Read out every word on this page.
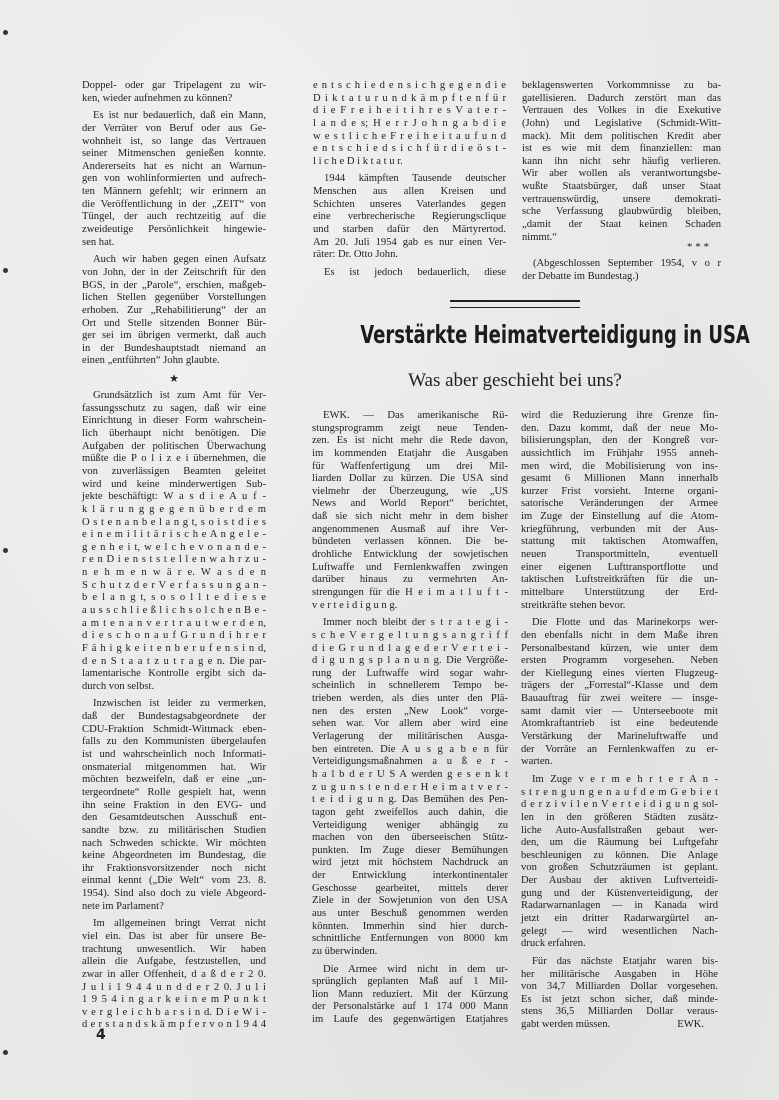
Doppel- oder gar Tripelagent zu wir-
ken, wieder aufnehmen zu können?
Es ist nur bedauerlich, daß ein Mann,
der Verräter von Beruf oder aus Ge-
wohnheit ist, so lange das Vertrauen
seiner Mitmenschen genießen konnte.
Andererseits hat es nicht an Warnun-
gen von wohlinformierten und aufrech-
ten Männern gefehlt; wir erinnern an
die Veröffentlichung in der „ZEIT“ von
Tüngel, der auch rechtzeitig auf die
zweideutige Persönlichkeit hingewie-
sen hat.
Auch wir haben gegen einen Aufsatz
von John, der in der Zeitschrift für den
BGS, in der „Parole“, erschien, maßgeb-
lichen Stellen gegenüber Vorstellungen
erhoben. Zur „Rehabilitierung“ der an
Ort und Stelle sitzenden Bonner Bür-
ger sei im übrigen vermerkt, daß auch
in der Bundeshauptstadt niemand an
einen „entführten“ John glaubte.
★
Grundsätzlich ist zum Amt für Ver-
fassungsschutz zu sagen, daß wir eine
Einrichtung in dieser Form wahrschein-
lich überhaupt nicht benötigen. Die
Aufgaben der politischen Überwachung
müßte die P o l i z e i übernehmen, die
von zuverlässigen Beamten geleitet
wird und keine minderwertigen Sub-
jekte beschäftigt: W a s d i e A u f -
k l ä r u n g g e g e n ü b e r d e m
O s t e n a n b e l a n g t, s o i s t d i e s
e i n e m i l i t ä r i s c h e A n g e l e -
g e n h e i t, w e l c h e v o n a n d e -
r e n D i e n s t s t e l l e n w a h r z u -
n e h m e n w ä r e. W a s d e n
S c h u t z d e r V e r f a s s u n g a n -
b e l a n g t, s o s o l l t e d i e s e
a u s s c h l i e ß l i c h s o l c h e n B e -
a m t e n a n v e r t r a u t w e r d e n,
d i e s c h o n a u f G r u n d i h r e r
F ä h i g k e i t e n b e r u f e n s i n d,
d e n S t a a t z u t r a g e n. Die par-
lamentarische Kontrolle ergibt sich da-
durch von selbst.
Inzwischen ist leider zu vermerken,
daß der Bundestagsabgeordnete der
CDU-Fraktion Schmidt-Wittmack eben-
falls zu den Kommunisten übergelaufen
ist und wahrscheinlich noch Informati-
onsmaterial mitgenommen hat. Wir
möchten bezweifeln, daß er eine „un-
tergeordnete“ Rolle gespielt hat, wenn
ihn seine Fraktion in den EVG- und
den Gesamtdeutschen Ausschuß ent-
sandte bzw. zu militärischen Studien
nach Schweden schickte. Wir möchten
keine Abgeordneten im Bundestag, die
ihr Fraktionsvorsitzender noch nicht
einmal kennt („Die Welt“ vom 23. 8.
1954). Sind also doch zu viele Abgeord-
nete im Parlament?
Im allgemeinen bringt Verrat nicht
viel ein. Das ist aber für unsere Be-
trachtung unwesentlich. Wir haben
allein die Aufgabe, festzustellen, und
zwar in aller Offenheit, d a ß d e r 2 0.
J u l i 1 9 4 4 u n d d e r 2 0. J u l i
1 9 5 4 i n g a r k e i n e m P u n k t
v e r g l e i c h b a r s i n d. D i e W i -
d e r s t a n d s k ä m p f e r v o n 1 9 4 4
e n t s c h i e d e n s i c h g e g e n d i e
D i k t a t u r u n d k ä m p f t e n f ü r
d i e F r e i h e i t i h r e s V a t e r -
l a n d e s; H e r r J o h n g a b d i e
w e s t l i c h e F r e i h e i t a u f u n d
e n t s c h i e d s i c h f ü r d i e ö s t -
l i c h e D i k t a t u r.
1944 kämpften Tausende deutscher
Menschen aus allen Kreisen und
Schichten unseres Vaterlandes gegen
eine verbrecherische Regierungsclique
und starben dafür den Märtyrertod.
Am 20. Juli 1954 gab es nur einen Ver-
räter: Dr. Otto John.
Es ist jedoch bedauerlich, diese
beklagenswerten Vorkommnisse zu ba-
gatellisieren. Dadurch zerstört man das
Vertrauen des Volkes in die Exekutive
(John) und Legislative (Schmidt-Witt-
mack). Mit dem politischen Kredit aber
ist es wie mit dem finanziellen: man
kann ihn nicht sehr häufig verlieren.
Wir aber wollen als verantwortungsbe-
wußte Staatsbürger, daß unser Staat
vertrauenswürdig, unsere demokrati-
sche Verfassung glaubwürdig bleiben,
„damit der Staat keinen Schaden
nimmt.“
* * *
(Abgeschlossen September 1954, v o r
der Debatte im Bundestag.)
Verstärkte Heimatverteidigung in USA
Was aber geschieht bei uns?
EWK. — Das amerikanische Rü-
stungsprogramm zeigt neue Tenden-
zen. Es ist nicht mehr die Rede davon,
im kommenden Etatjahr die Ausgaben
für Waffenfertigung um drei Mil-
liarden Dollar zu kürzen. Die USA sind
vielmehr der Überzeugung, wie „US
News and World Report“ berichtet,
daß sie sich nicht mehr in dem bisher
angenommenen Ausmaß auf ihre Ver-
bündeten verlassen können. Die be-
drohliche Entwicklung der sowjetischen
Luftwaffe und Fernlenkwaffen zwingen
darüber hinaus zu vermehrten An-
strengungen für die H e i m a t l u f t -
v e r t e i d i g u n g.
Immer noch bleibt der s t r a t e g i -
s c h e V e r g e l t u n g s a n g r i f f
d i e G r u n d l a g e d e r V e r t e i -
d i g u n g s p l a n u n g. Die Vergröße-
rung der Luftwaffe wird sogar wahr-
scheinlich in schnellerem Tempo be-
trieben werden, als dies unter den Plä-
nen des ersten „New Look“ vorge-
sehen war. Vor allem aber wird eine
Verlagerung der militärischen Ausga-
ben eintreten. Die A u s g a b e n für
Verteidigungsmaßnahmen a u ß e r -
h a l b d e r U S A werden g e s e n k t
z u g u n s t e n d e r H e i m a t v e r -
t e i d i g u n g. Das Bemühen des Pen-
tagon geht zweifellos auch dahin, die
Verteidigung weniger abhängig zu
machen von den überseeischen Stütz-
punkten. Im Zuge dieser Bemühungen
wird jetzt mit höchstem Nachdruck an
der Entwicklung interkontinentaler
Geschosse gearbeitet, mittels derer
Ziele in der Sowjetunion von den USA
aus unter Beschuß genommen werden
könnten. Immerhin sind hier durch-
schnittliche Entfernungen von 8000 km
zu überwinden.
Die Armee wird nicht in dem ur-
sprünglich geplanten Maß auf 1 Mil-
lion Mann reduziert. Mit der Kürzung
der Personalstärke auf 1 174 000 Mann
im Laufe des gegenwärtigen Etatjahres
wird die Reduzierung ihre Grenze fin-
den. Dazu kommt, daß der neue Mo-
bilisierungsplan, den der Kongreß vor-
aussichtlich im Frühjahr 1955 anneh-
men wird, die Mobilisierung von ins-
gesamt 6 Millionen Mann innerhalb
kurzer Frist vorsieht. Interne organi-
satorische Veränderungen der Armee
im Zuge der Einstellung auf die Atom-
kriegführung, verbunden mit der Aus-
stattung mit taktischen Atomwaffen,
neuen Transportmitteln, eventuell
einer eigenen Lufttransportflotte und
taktischen Luftstreitkräften für die un-
mittelbare Unterstützung der Erd-
streitkräfte stehen bevor.
Die Flotte und das Marinekorps wer-
den ebenfalls nicht in dem Maße ihren
Personalbestand kürzen, wie unter dem
ersten Programm vorgesehen. Neben
der Kiellegung eines vierten Flugzeug-
trägers der „Forrestal“-Klasse und dem
Bauauftrag für zwei weitere — insge-
samt damit vier — Unterseeboote mit
Atomkraftantrieb ist eine bedeutende
Verstärkung der Marineluftwaffe und
der Vorräte an Fernlenkwaffen zu er-
warten.
Im Zuge v e r m e h r t e r A n -
s t r e n g u n g e n a u f d e m G e b i e t
d e r z i v i l e n V e r t e i d i g u n g sol-
len in den größeren Städten zusätz-
liche Auto-Ausfallstraßen gebaut wer-
den, um die Räumung bei Luftgefahr
beschleunigen zu können. Die Anlage
von großen Schutzräumen ist geplant.
Der Ausbau der aktiven Luftverteidi-
gung und der Küstenverteidigung, der
Radarwarnanlagen — in Kanada wird
jetzt ein dritter Radarwargürtel an-
gelegt — wird wesentlichen Nach-
druck erfahren.
Für das nächste Etatjahr waren bis-
her militärische Ausgaben in Höhe
von 34,7 Milliarden Dollar vorgesehen.
Es ist jetzt schon sicher, daß minde-
stens 36,5 Milliarden Dollar veraus-
gabt werden müssen.	EWK.
4
